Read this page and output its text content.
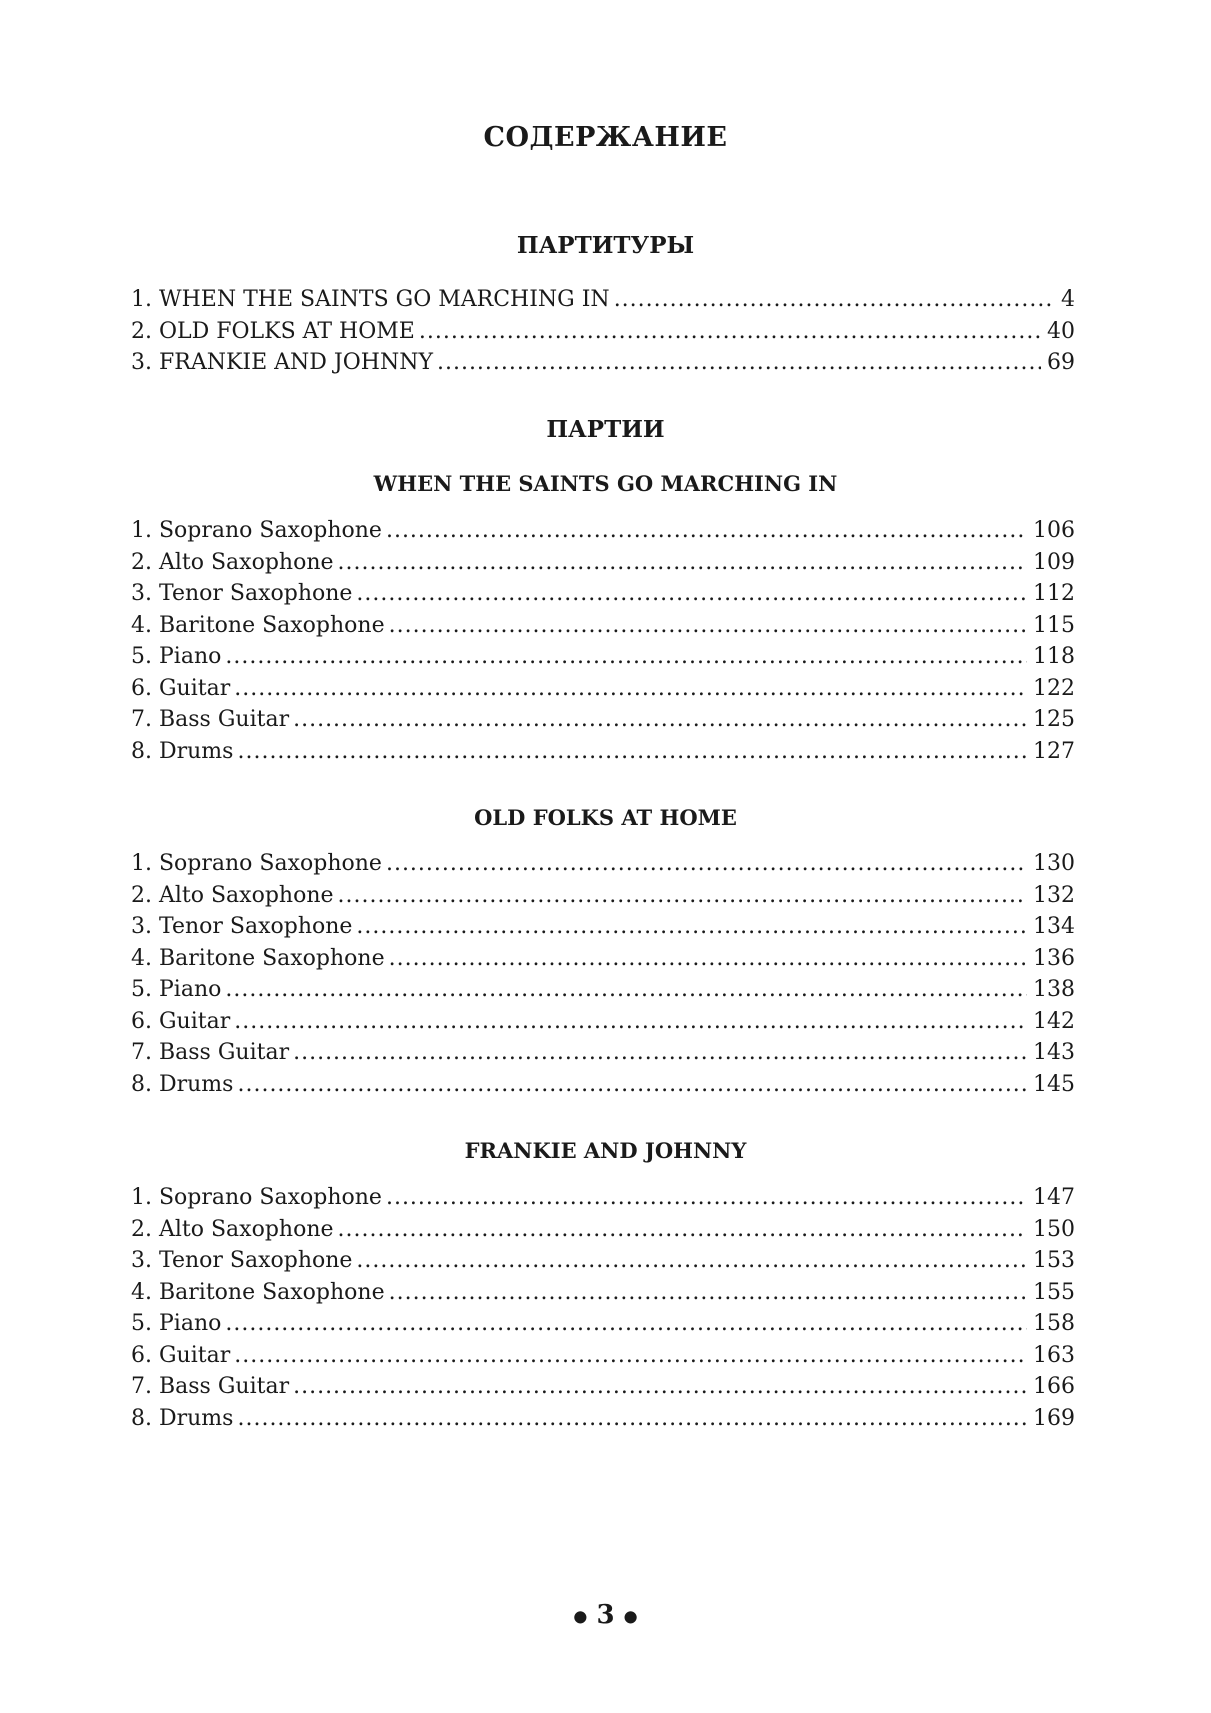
СОДЕРЖАНИЕ
ПАРТИТУРЫ
1. WHEN THE SAINTS GO MARCHING IN .....	4
2. OLD FOLKS AT HOME .....	40
3. FRANKIE AND JOHNNY .....	69
ПАРТИИ
WHEN THE SAINTS GO MARCHING IN
1. Soprano Saxophone .....	106
2. Alto Saxophone .....	109
3. Tenor Saxophone .....	112
4. Baritone Saxophone .....	115
5. Piano .....	118
6. Guitar .....	122
7. Bass Guitar .....	125
8. Drums .....	127
OLD FOLKS AT HOME
1. Soprano Saxophone .....	130
2. Alto Saxophone .....	132
3. Tenor Saxophone .....	134
4. Baritone Saxophone .....	136
5. Piano .....	138
6. Guitar .....	142
7. Bass Guitar .....	143
8. Drums .....	145
FRANKIE AND JOHNNY
1. Soprano Saxophone .....	147
2. Alto Saxophone .....	150
3. Tenor Saxophone .....	153
4. Baritone Saxophone .....	155
5. Piano .....	158
6. Guitar .....	163
7. Bass Guitar .....	166
8. Drums .....	169
● 3 ●
